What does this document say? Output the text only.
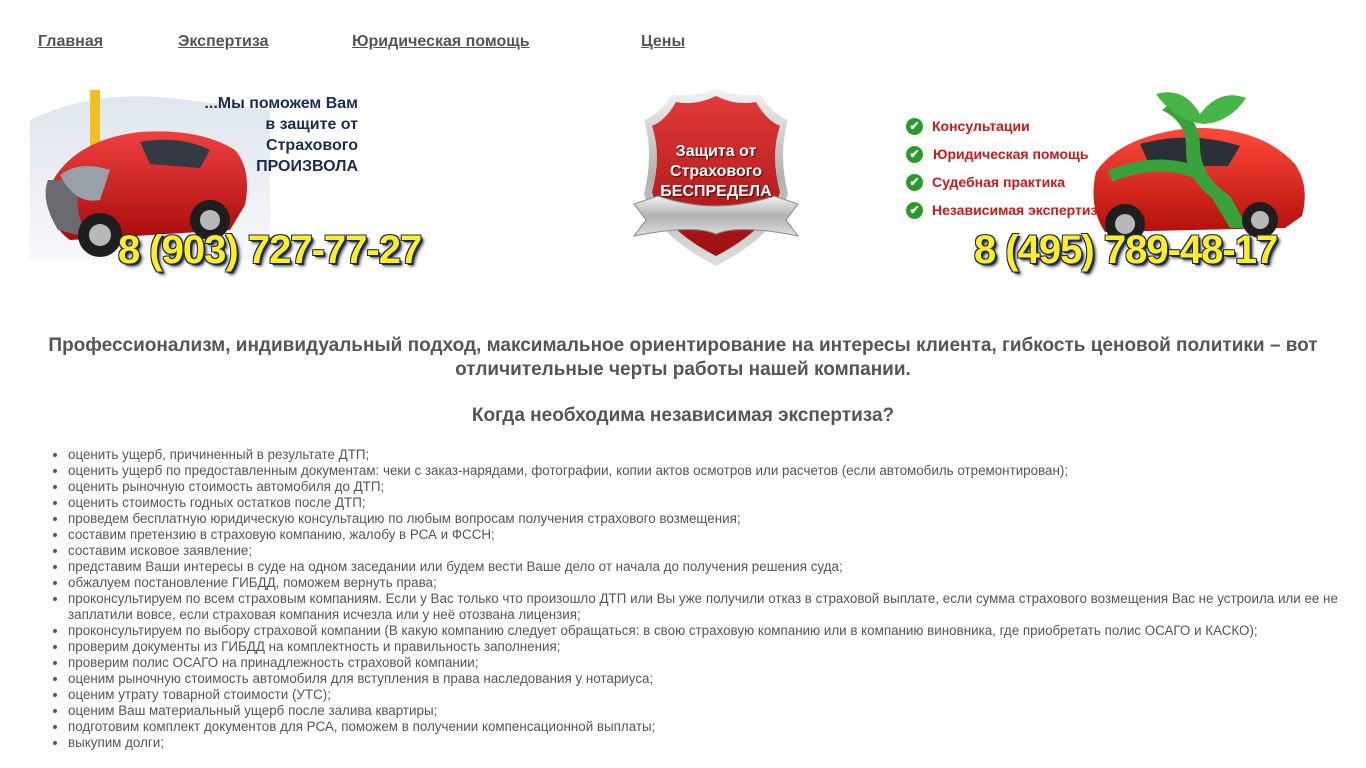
Главная	Экспертиза	Юридическая помощь	Цены
...Мы поможем Вам
в защите от
Страхового
ПРОИЗВОЛА
8 (903) 727-77-27
Защита от
Страхового
БЕСПРЕДЕЛА
✔ Консультации
✔ Юридическая помощь
✔ Судебная практика
✔ Независимая экспертиза
8 (495) 789-48-17
Профессионализм, индивидуальный подход, максимальное ориентирование на интересы клиента, гибкость ценовой политики – вот отличительные черты работы нашей компании.
Когда необходима независимая экспертиза?
• оценить ущерб, причиненный в результате ДТП;
• оценить ущерб по предоставленным документам: чеки с заказ-нарядами, фотографии, копии актов осмотров или расчетов (если автомобиль отремонтирован);
• оценить рыночную стоимость автомобиля до ДТП;
• оценить стоимость годных остатков после ДТП;
• проведем бесплатную юридическую консультацию по любым вопросам получения страхового возмещения;
• составим претензию в страховую компанию, жалобу в РСА и ФССН;
• составим исковое заявление;
• представим Ваши интересы в суде на одном заседании или будем вести Ваше дело от начала до получения решения суда;
• обжалуем постановление ГИБДД, поможем вернуть права;
• проконсультируем по всем страховым компаниям. Если у Вас только что произошло ДТП или Вы уже получили отказ в страховой выплате, если сумма страхового возмещения Вас не устроила или ее не заплатили вовсе, если страховая компания исчезла или у неё отозвана лицензия;
• проконсультируем по выбору страховой компании (В какую компанию следует обращаться: в свою страховую компанию или в компанию виновника, где приобретать полис ОСАГО и КАСКО);
• проверим документы из ГИБДД на комплектность и правильность заполнения;
• проверим полис ОСАГО на принадлежность страховой компании;
• оценим рыночную стоимость автомобиля для вступления в права наследования у нотариуса;
• оценим утрату товарной стоимости (УТС);
• оценим Ваш материальный ущерб после залива квартиры;
• подготовим комплект документов для РСА, поможем в получении компенсационной выплаты;
• выкупим долги;
